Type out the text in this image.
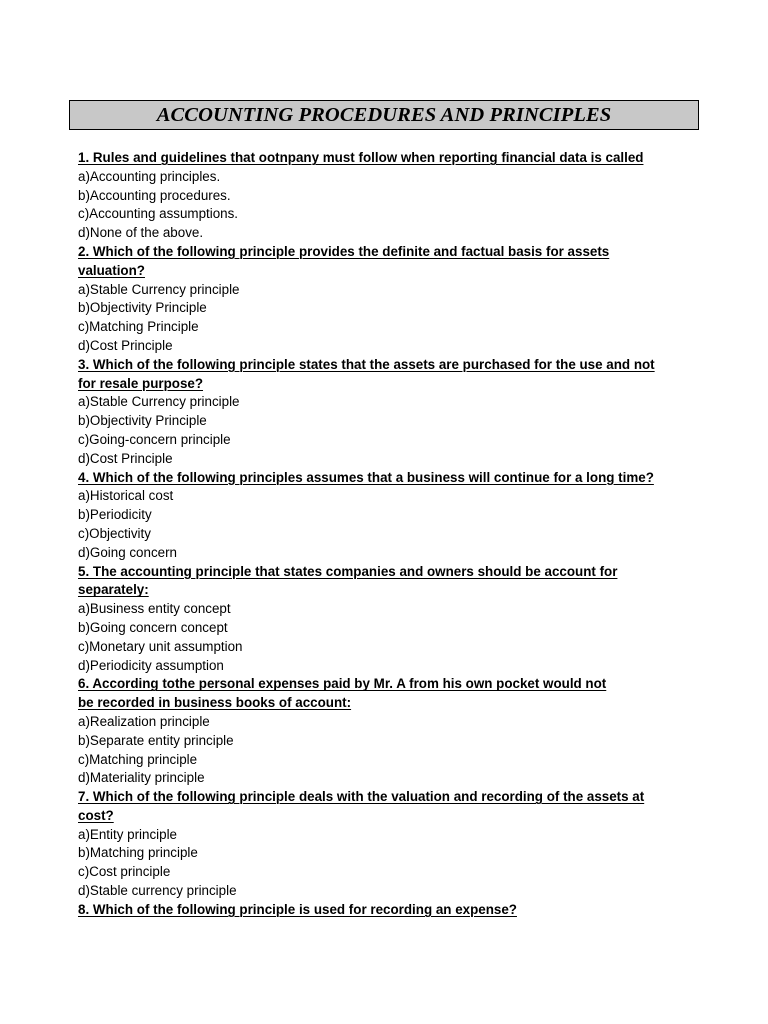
ACCOUNTING PROCEDURES AND PRINCIPLES
1. Rules and guidelines that ootnpany must follow when reporting financial data is called
a)Accounting principles.
b)Accounting procedures.
c)Accounting assumptions.
d)None of the above.
2. Which of the following principle provides the definite and factual basis for assets
valuation?
a)Stable Currency principle
b)Objectivity Principle
c)Matching Principle
d)Cost Principle
3. Which of the following principle states that the assets are purchased for the use and not
for resale purpose?
a)Stable Currency principle
b)Objectivity Principle
c)Going-concern principle
d)Cost Principle
4. Which of the following principles assumes that a business will continue for a long time?
a)Historical cost
b)Periodicity
c)Objectivity
d)Going concern
5. The accounting principle that states companies and owners should be account for
separately:
a)Business entity concept
b)Going concern concept
c)Monetary unit assumption
d)Periodicity assumption
6. According tothe personal expenses paid by Mr. A from his own pocket would not
be recorded in business books of account:
a)Realization principle
b)Separate entity principle
c)Matching principle
d)Materiality principle
7. Which of the following principle deals with the valuation and recording of the assets at
cost?
a)Entity principle
b)Matching principle
c)Cost principle
d)Stable currency principle
8. Which of the following principle is used for recording an expense?
